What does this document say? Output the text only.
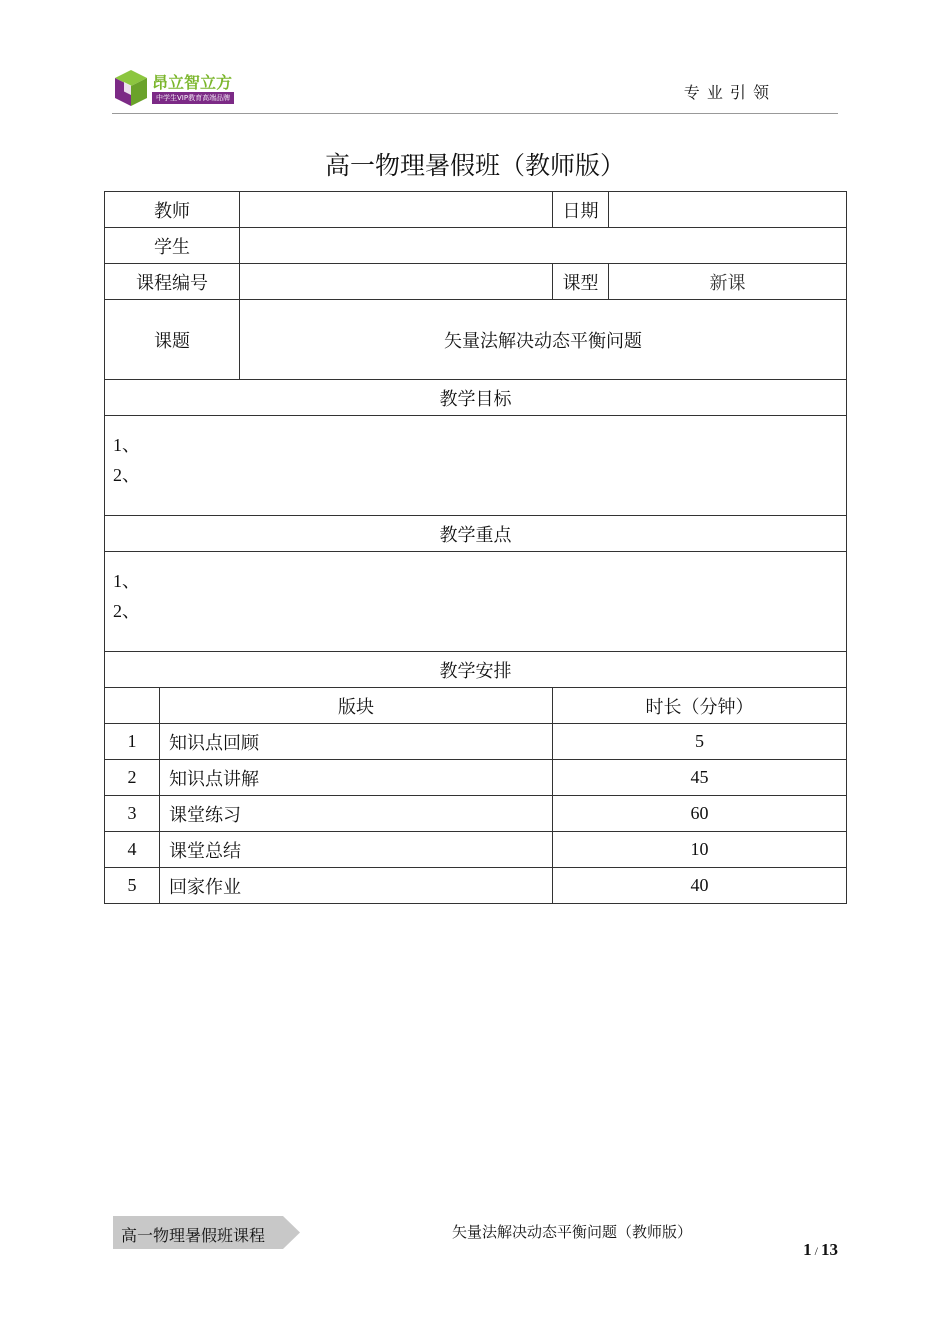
昂立智立方
中学生VIP教育高端品牌	专 业 引 领
高一物理暑假班（教师版）
教师			日期	
学生				
课程编号			课型	新课
课题		矢量法解决动态平衡问题		
教学目标				

1、
2、				

教学重点				

1、
2、				

教学安排				
	版块		时长（分钟）	
1	知识点回顾		5	
2	知识点讲解		45	
3	课堂练习		60	
4	课堂总结		10	
5	回家作业		40	
高一物理暑假班课程	矢量法解决动态平衡问题（教师版）
1 / 13
